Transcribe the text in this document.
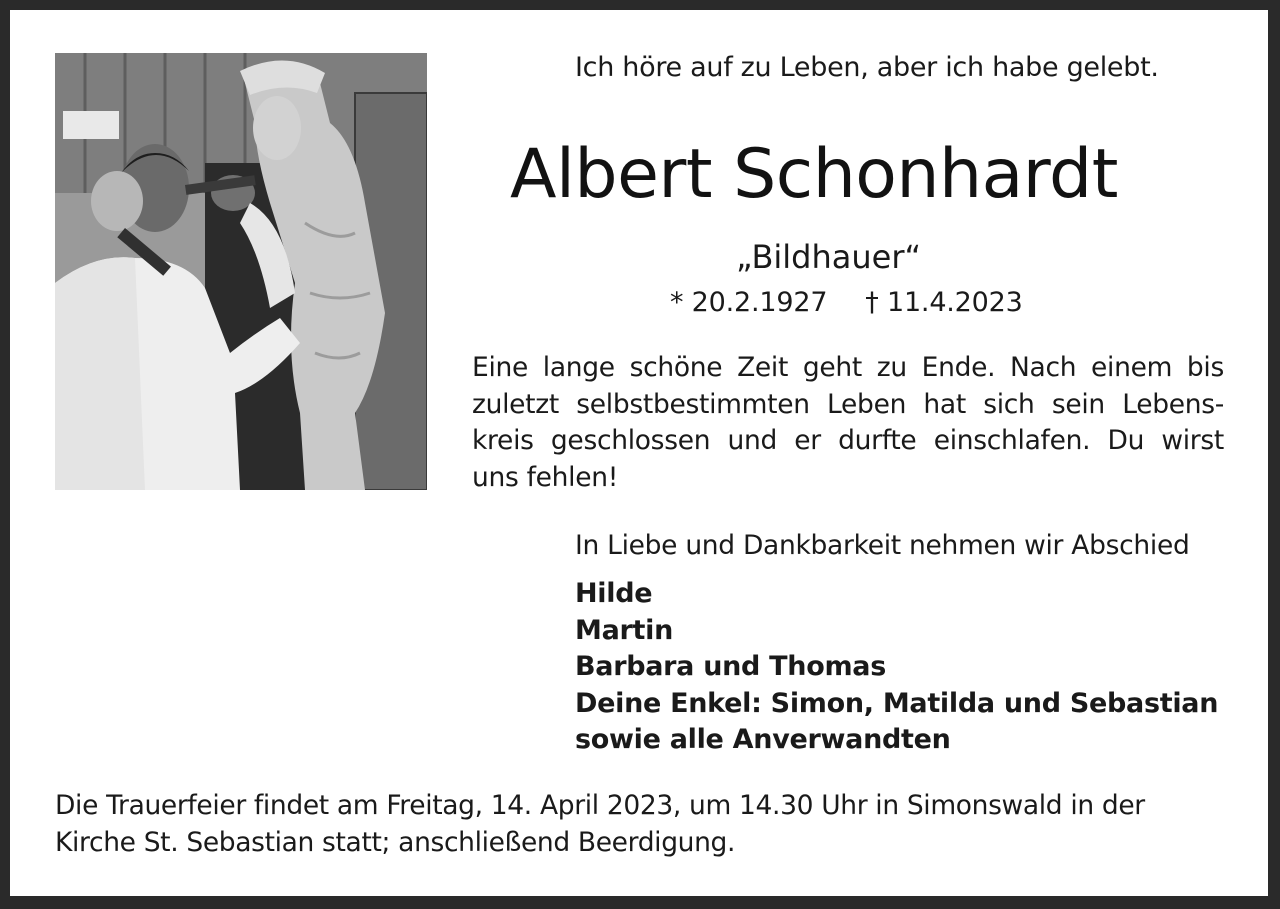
Ich höre auf zu Leben, aber ich habe gelebt.
Albert Schonhardt
„Bildhauer“
* 20.2.1927 † 11.4.2023
Eine lange schöne Zeit geht zu Ende. Nach einem bis
zuletzt selbstbestimmten Leben hat sich sein Lebens-
kreis geschlossen und er durfte einschlafen. Du wirst
uns fehlen!
In Liebe und Dankbarkeit nehmen wir Abschied
Hilde
Martin
Barbara und Thomas
Deine Enkel: Simon, Matilda und Sebastian
sowie alle Anverwandten
Die Trauerfeier findet am Freitag, 14. April 2023, um 14.30 Uhr in Simonswald in der
Kirche St. Sebastian statt; anschließend Beerdigung.
